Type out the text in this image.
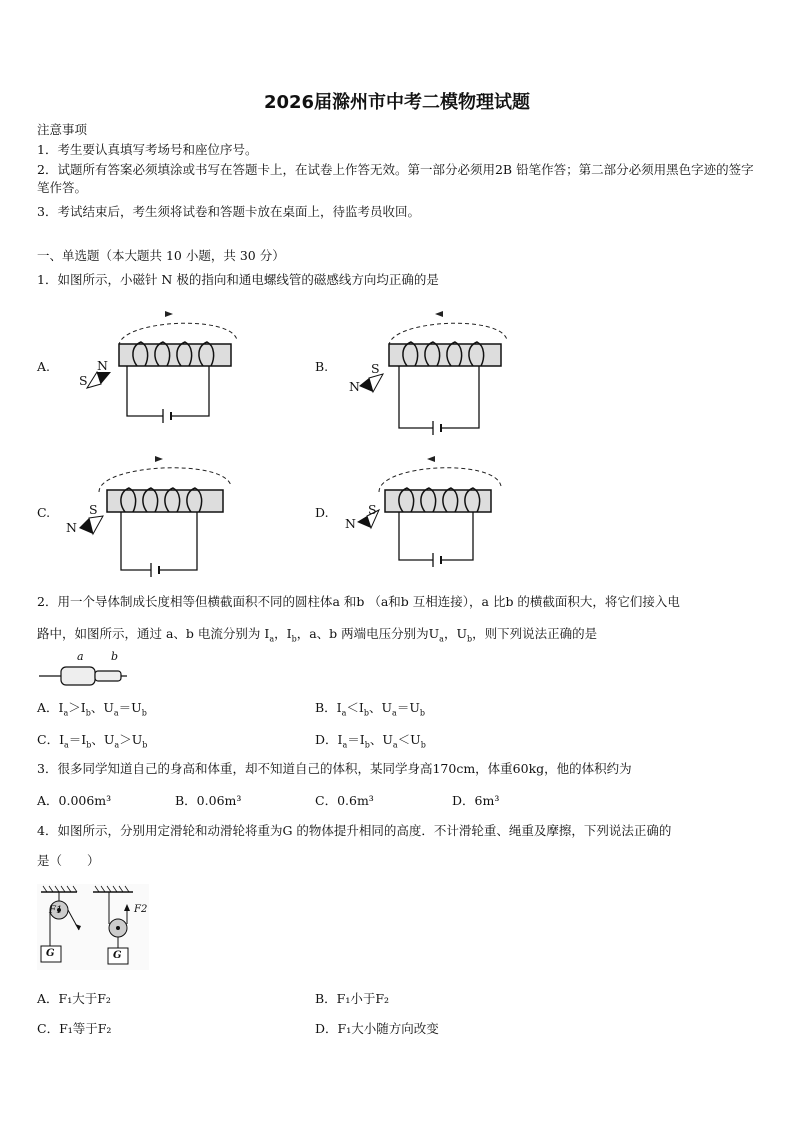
2026届滁州市中考二模物理试题
注意事项
1．考生要认真填写考场号和座位序号。
2．试题所有答案必须填涂或书写在答题卡上，在试卷上作答无效。第一部分必须用2B 铅笔作答；第二部分必须用黑色字迹的签字笔作答。
3．考试结束后，考生须将试卷和答题卡放在桌面上，待监考员收回。
一、单选题（本大题共 10 小题，共 30 分）
1．如图所示，小磁针 N 极的指向和通电螺线管的磁感线方向均正确的是
A.	N
S
B.	S
N
C.	S
N
D.	S
N
2．用一个导体制成长度相等但横截面积不同的圆柱体a 和b （a和b 互相连接），a 比b 的横截面积大，将它们接入电
路中，如图所示，通过 a、b 电流分别为 $I_a$，$I_b$，a、b 两端电压分别为$U_a$，$U_b$，则下列说法正确的是
a b
A．$I_a>I_b$、$U_a=U_b$	B．$I_a<I_b$、$U_a=U_b$
C．$I_a=I_b$、$U_a>U_b$	D．$I_a=I_b$、$U_a<U_b$
3．很多同学知道自己的身高和体重，却不知道自己的体积，某同学身高170cm，体重60kg，他的体积约为
A．0.006m³	B．0.06m³	C．0.6m³	D．6m³
4．如图所示，分别用定滑轮和动滑轮将重为G 的物体提升相同的高度．不计滑轮重、绳重及摩擦，下列说法正确的
是（　　）
F1	F2
G	G
A．F₁大于F₂	B．F₁小于F₂
C．F₁等于F₂	D．F₁大小随方向改变
